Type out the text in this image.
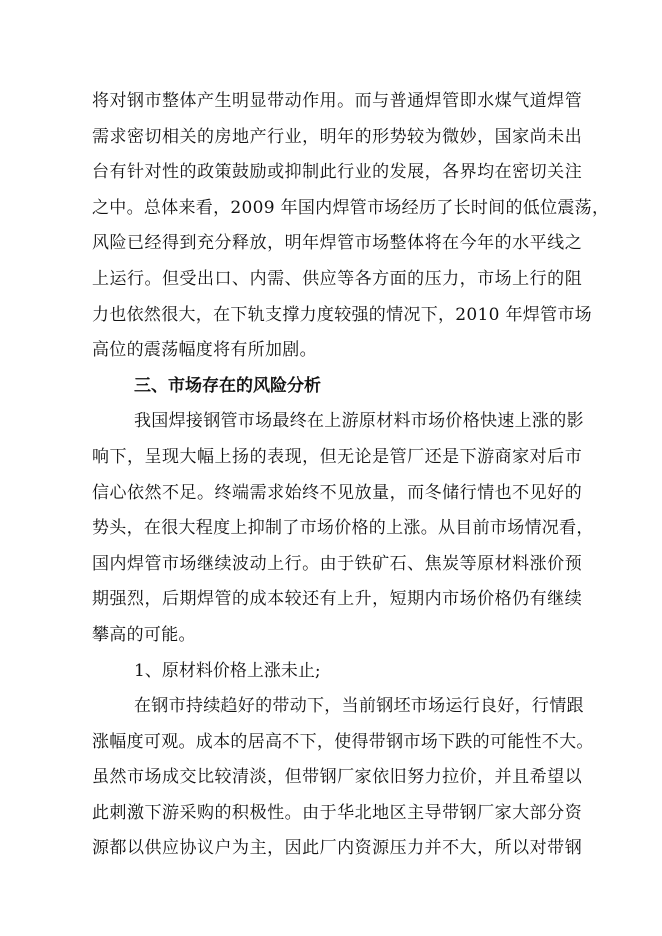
将对钢市整体产生明显带动作用。而与普通焊管即水煤气道焊管
需求密切相关的房地产行业，明年的形势较为微妙，国家尚未出
台有针对性的政策鼓励或抑制此行业的发展，各界均在密切关注
之中。总体来看，2009 年国内焊管市场经历了长时间的低位震荡，
风险已经得到充分释放，明年焊管市场整体将在今年的水平线之
上运行。但受出口、内需、供应等各方面的压力，市场上行的阻
力也依然很大，在下轨支撑力度较强的情况下，2010 年焊管市场
高位的震荡幅度将有所加剧。
三、市场存在的风险分析
我国焊接钢管市场最终在上游原材料市场价格快速上涨的影
响下，呈现大幅上扬的表现，但无论是管厂还是下游商家对后市
信心依然不足。终端需求始终不见放量，而冬储行情也不见好的
势头，在很大程度上抑制了市场价格的上涨。从目前市场情况看，
国内焊管市场继续波动上行。由于铁矿石、焦炭等原材料涨价预
期强烈，后期焊管的成本较还有上升，短期内市场价格仍有继续
攀高的可能。
1、原材料价格上涨未止;
在钢市持续趋好的带动下，当前钢坯市场运行良好，行情跟
涨幅度可观。成本的居高不下，使得带钢市场下跌的可能性不大。
虽然市场成交比较清淡，但带钢厂家依旧努力拉价，并且希望以
此刺激下游采购的积极性。由于华北地区主导带钢厂家大部分资
源都以供应协议户为主，因此厂内资源压力并不大，所以对带钢
